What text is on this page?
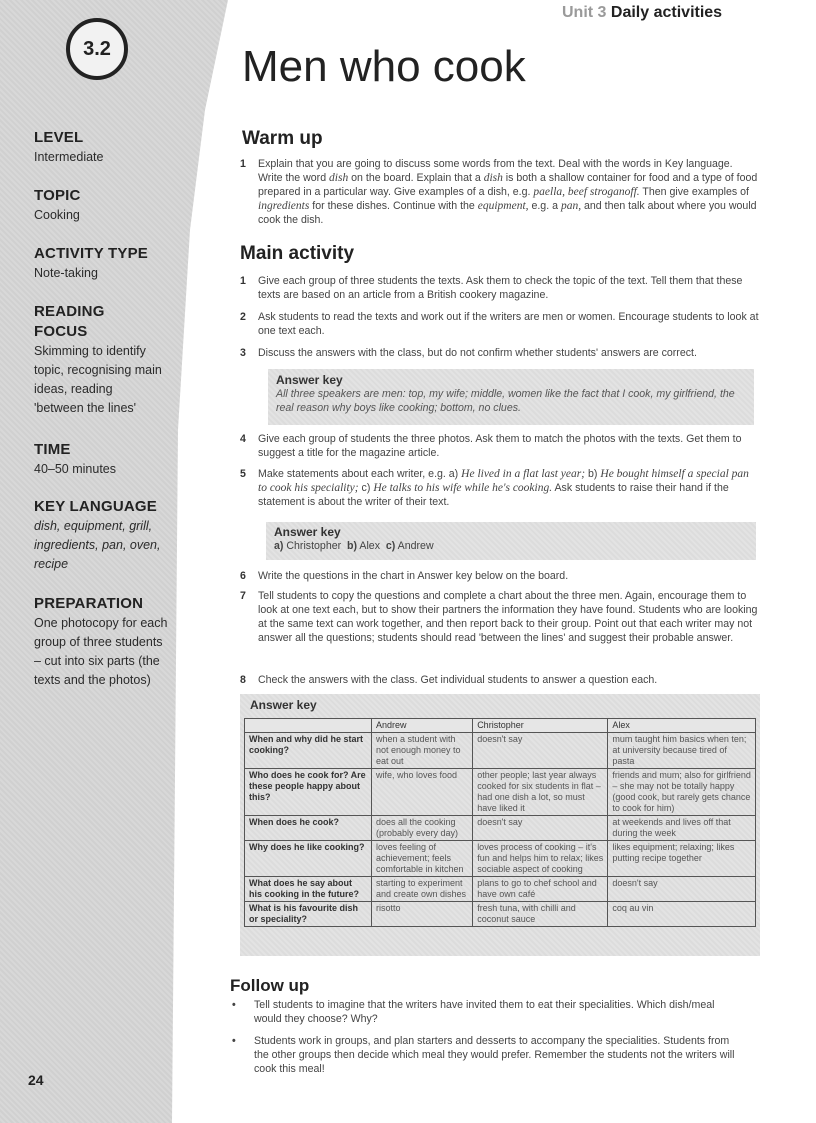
3.2
LEVEL
Intermediate
TOPIC
Cooking
ACTIVITY TYPE
Note-taking
READING
FOCUS
Skimming to identify topic, recognising main ideas, reading 'between the lines'
TIME
40–50 minutes
KEY LANGUAGE
dish, equipment, grill, ingredients, pan, oven, recipe
PREPARATION
One photocopy for each group of three students – cut into six parts (the texts and the photos)
24
Unit 3 Daily activities
Men who cook
Warm up
1 Explain that you are going to discuss some words from the text. Deal with the words in Key language. Write the word dish on the board. Explain that a dish is both a shallow container for food and a type of food prepared in a particular way. Give examples of a dish, e.g. paella, beef stroganoff. Then give examples of ingredients for these dishes. Continue with the equipment, e.g. a pan, and then talk about where you would cook the dish.
Main activity
1 Give each group of three students the texts. Ask them to check the topic of the text. Tell them that these texts are based on an article from a British cookery magazine.
2 Ask students to read the texts and work out if the writers are men or women. Encourage students to look at one text each.
3 Discuss the answers with the class, but do not confirm whether students' answers are correct.
Answer key
All three speakers are men: top, my wife; middle, women like the fact that I cook, my girlfriend, the real reason why boys like cooking; bottom, no clues.
4 Give each group of students the three photos. Ask them to match the photos with the texts. Get them to suggest a title for the magazine article.
5 Make statements about each writer, e.g. a) He lived in a flat last year; b) He bought himself a special pan to cook his speciality; c) He talks to his wife while he's cooking. Ask students to raise their hand if the statement is about the writer of their text.
Answer key
a) Christopher b) Alex c) Andrew
6 Write the questions in the chart in Answer key below on the board.
7 Tell students to copy the questions and complete a chart about the three men. Again, encourage them to look at one text each, but to show their partners the information they have found. Students who are looking at the same text can work together, and then report back to their group. Point out that each writer may not answer all the questions; students should read 'between the lines' and suggest their probable answer.
8 Check the answers with the class. Get individual students to answer a question each.
Answer key
	Andrew	Christopher	Alex
When and why did he start cooking?	when a student with not enough money to eat out	doesn't say	mum taught him basics when ten; at university because tired of pasta
Who does he cook for? Are these people happy about this?	wife, who loves food	other people; last year always cooked for six students in flat – had one dish a lot, so must have liked it	friends and mum; also for girlfriend – she may not be totally happy (good cook, but rarely gets chance to cook for him)
When does he cook?	does all the cooking (probably every day)	doesn't say	at weekends and lives off that during the week
Why does he like cooking?	loves feeling of achievement; feels comfortable in kitchen	loves process of cooking – it's fun and helps him to relax; likes sociable aspect of cooking	likes equipment; relaxing; likes putting recipe together
What does he say about his cooking in the future?	starting to experiment and create own dishes	plans to go to chef school and have own café	doesn't say
What is his favourite dish or speciality?	risotto	fresh tuna, with chilli and coconut sauce	coq au vin
Follow up
• Tell students to imagine that the writers have invited them to eat their specialities. Which dish/meal would they choose? Why?
• Students work in groups, and plan starters and desserts to accompany the specialities. Students from the other groups then decide which meal they would prefer. Remember the students not the writers will cook this meal!
